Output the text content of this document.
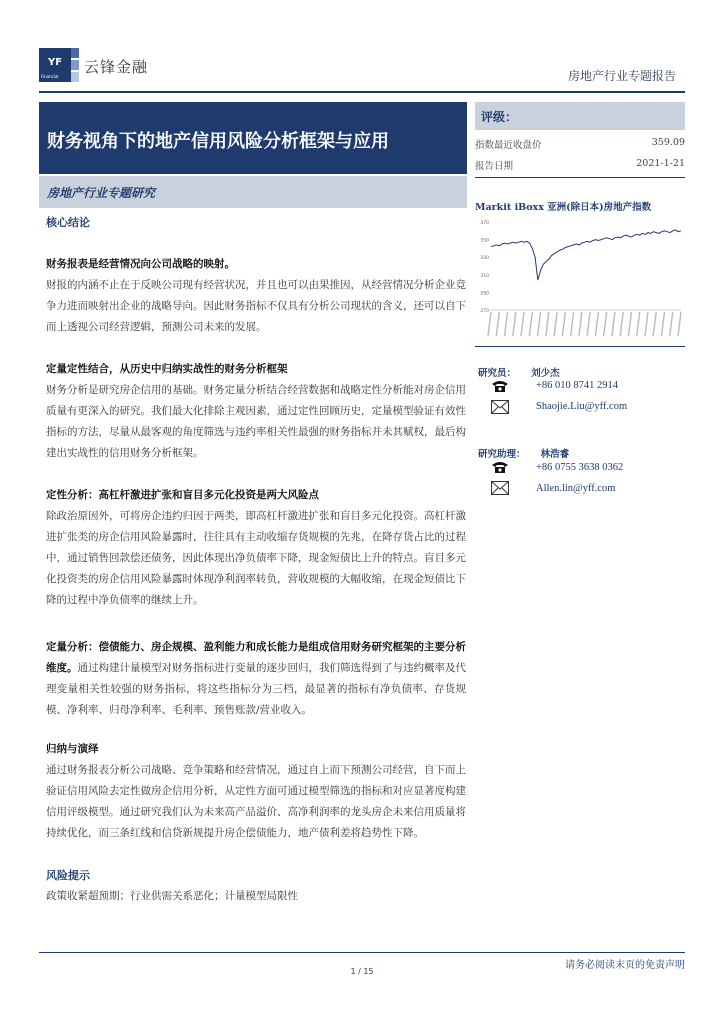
YF
Financial
云锋金融	房地产行业专题报告
财务视角下的地产信用风险分析框架与应用
房地产行业专题研究
核心结论
财务报表是经营情况向公司战略的映射。
财报的内涵不止在于反映公司现有经营状况，并且也可以由果推因，从经营情况分析企业竞争力进而映射出企业的战略导向。因此财务指标不仅具有分析公司现状的含义，还可以自下而上透视公司经营逻辑，预测公司未来的发展。
定量定性结合，从历史中归纳实战性的财务分析框架
财务分析是研究房企信用的基础。财务定量分析结合经营数据和战略定性分析能对房企信用质量有更深入的研究。我们最大化排除主观因素，通过定性回顾历史，定量模型验证有效性指标的方法，尽量从最客观的角度筛选与违约率相关性最强的财务指标并未其赋权，最后构建出实战性的信用财务分析框架。
定性分析：高杠杆激进扩张和盲目多元化投资是两大风险点
除政治原因外，可将房企违约归因于两类，即高杠杆激进扩张和盲目多元化投资。高杠杆激进扩张类的房企信用风险暴露时，往往具有主动收缩存货规模的先兆，在降存货占比的过程中，通过销售回款偿还债务，因此体现出净负债率下降，现金短债比上升的特点。盲目多元化投资类的房企信用风险暴露时体现净利润率转负，营收规模的大幅收缩，在现金短债比下降的过程中净负债率的继续上升。
定量分析：偿债能力、房企规模、盈利能力和成长能力是组成信用财务研究框架的主要分析维度。通过构建计量模型对财务指标进行变量的逐步回归，我们筛选得到了与违约概率及代理变量相关性较强的财务指标，将这些指标分为三档，最显著的指标有净负债率、存货规模、净利率、归母净利率、毛利率、预售账款/营业收入。
归纳与演绎
通过财务报表分析公司战略、竞争策略和经营情况，通过自上而下预测公司经营，自下而上验证信用风险去定性做房企信用分析，从定性方面可通过模型筛选的指标和对应显著度构建信用评级模型。通过研究我们认为未来高产品溢价、高净利润率的龙头房企未来信用质量将持续优化，而三条红线和信贷新规提升房企偿债能力，地产债利差将趋势性下降。
风险提示
政策收紧超预期；行业供需关系恶化；计量模型局限性
评级：
指数最近收盘价	359.09
报告日期	2021-1-21
Markit iBoxx 亚洲(除日本)房地产指数
370
350
330
310
290
270
研究员： 刘少杰
+86 010 8741 2914
Shaojie.Liu@yff.com
研究助理： 林浩睿
+86 0755 3638 0362
Allen.lin@yff.com
请务必阅读末页的免责声明
1 / 15
